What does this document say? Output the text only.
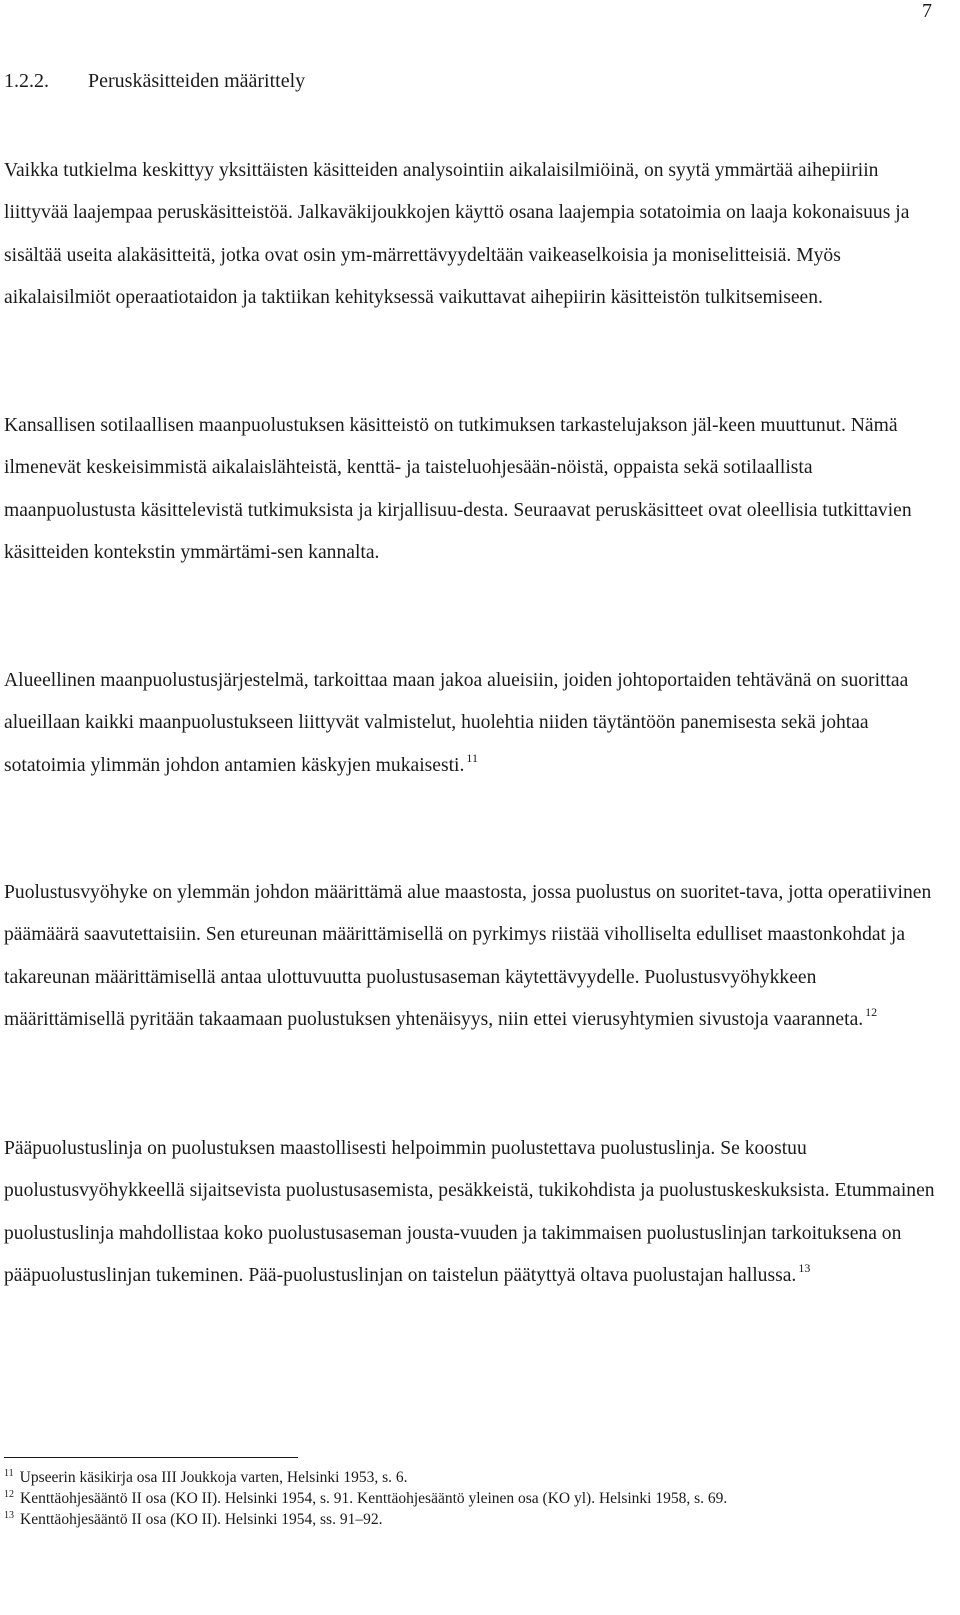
7
1.2.2. Peruskäsitteiden määrittely

Vaikka tutkielma keskittyy yksittäisten käsitteiden analysointiin aikalaisilmiöinä, on syytä ymmärtää aihepiiriin liittyvää laajempaa peruskäsitteistöä. Jalkaväkijoukkojen käyttö osana laajempia sotatoimia on laaja kokonaisuus ja sisältää useita alakäsitteitä, jotka ovat osin ym-märrettävyydeltään vaikeaselkoisia ja moniselitteisiä. Myös aikalaisilmiöt operaatiotaidon ja taktiikan kehityksessä vaikuttavat aihepiirin käsitteistön tulkitsemiseen.

Kansallisen sotilaallisen maanpuolustuksen käsitteistö on tutkimuksen tarkastelujakson jäl-keen muuttunut. Nämä ilmenevät keskeisimmistä aikalaislähteistä, kenttä- ja taisteluohjesään-nöistä, oppaista sekä sotilaallista maanpuolustusta käsittelevistä tutkimuksista ja kirjallisuu-desta. Seuraavat peruskäsitteet ovat oleellisia tutkittavien käsitteiden kontekstin ymmärtämi-sen kannalta.

Alueellinen maanpuolustusjärjestelmä, tarkoittaa maan jakoa alueisiin, joiden johtoportaiden tehtävänä on suorittaa alueillaan kaikki maanpuolustukseen liittyvät valmistelut, huolehtia niiden täytäntöön panemisesta sekä johtaa sotatoimia ylimmän johdon antamien käskyjen mukaisesti. $^{11}$

Puolustusvyöhyke on ylemmän johdon määrittämä alue maastosta, jossa puolustus on suoritet-tava, jotta operatiivinen päämäärä saavutettaisiin. Sen etureunan määrittämisellä on pyrkimys riistää viholliselta edulliset maastonkohdat ja takareunan määrittämisellä antaa ulottuvuutta puolustusaseman käytettävyydelle. Puolustusvyöhykkeen määrittämisellä pyritään takaamaan puolustuksen yhtenäisyys, niin ettei vierusyhtymien sivustoja vaaranneta. $^{12}$

Pääpuolustuslinja on puolustuksen maastollisesti helpoimmin puolustettava puolustuslinja. Se koostuu puolustusvyöhykkeellä sijaitsevista puolustusasemista, pesäkkeistä, tukikohdista ja puolustuskeskuksista. Etummainen puolustuslinja mahdollistaa koko puolustusaseman jousta-vuuden ja takimmaisen puolustuslinjan tarkoituksena on pääpuolustuslinjan tukeminen. Pää-puolustuslinjan on taistelun päätyttyä oltava puolustajan hallussa. $^{13}$

$^{11}$ Upseerin käsikirja osa III Joukkoja varten, Helsinki 1953, s. 6.

$^{12}$ Kenttäohjesääntö II osa (KO II). Helsinki 1954, s. 91. Kenttäohjesääntö yleinen osa (KO yl). Helsinki 1958, s. 69.

$^{13}$ Kenttäohjesääntö II osa (KO II). Helsinki 1954, ss. 91–92.
